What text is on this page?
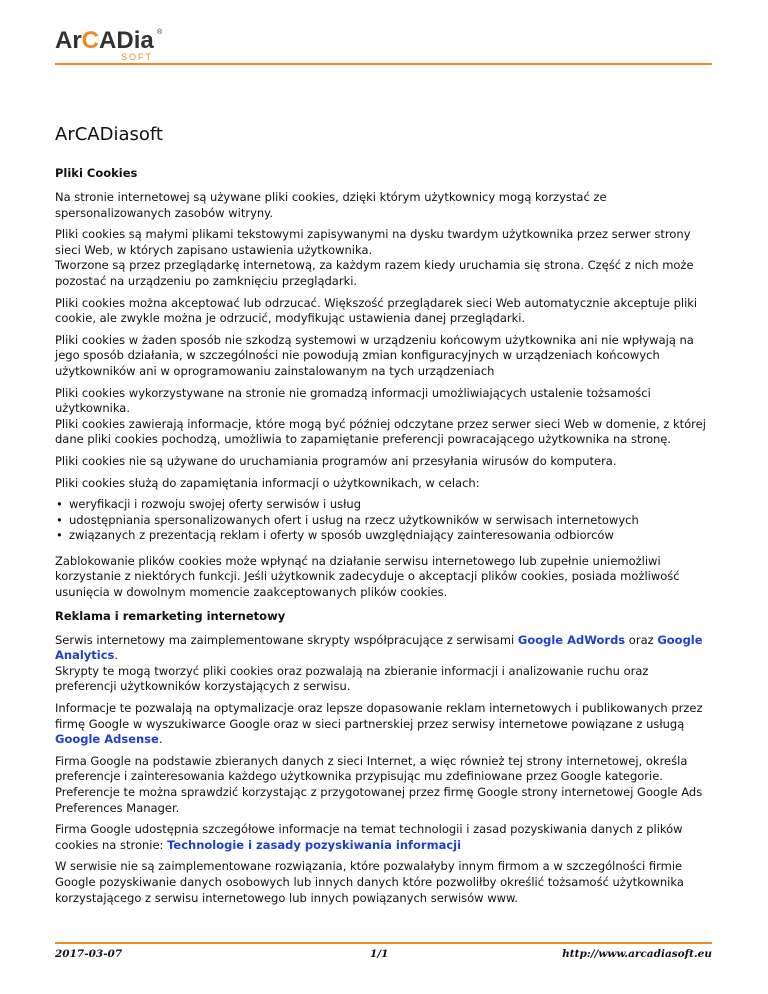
ArCADia ®
SOFT
ArCADiasoft
Pliki Cookies

Na stronie internetowej są używane pliki cookies, dzięki którym użytkownicy mogą korzystać ze spersonalizowanych zasobów witryny.

Pliki cookies są małymi plikami tekstowymi zapisywanymi na dysku twardym użytkownika przez serwer strony sieci Web, w których zapisano ustawienia użytkownika.
Tworzone są przez przeglądarkę internetową, za każdym razem kiedy uruchamia się strona. Część z nich może pozostać na urządzeniu po zamknięciu przeglądarki.

Pliki cookies można akceptować lub odrzucać. Większość przeglądarek sieci Web automatycznie akceptuje pliki cookie, ale zwykle można je odrzucić, modyfikując ustawienia danej przeglądarki.

Pliki cookies w żaden sposób nie szkodzą systemowi w urządzeniu końcowym użytkownika ani nie wpływają na jego sposób działania, w szczególności nie powodują zmian konfiguracyjnych w urządzeniach końcowych użytkowników ani w oprogramowaniu zainstalowanym na tych urządzeniach

Pliki cookies wykorzystywane na stronie nie gromadzą informacji umożliwiających ustalenie tożsamości użytkownika.
Pliki cookies zawierają informacje, które mogą być później odczytane przez serwer sieci Web w domenie, z której dane pliki cookies pochodzą, umożliwia to zapamiętanie preferencji powracającego użytkownika na stronę.

Pliki cookies nie są używane do uruchamiania programów ani przesyłania wirusów do komputera.

Pliki cookies służą do zapamiętania informacji o użytkownikach, w celach:

• weryfikacji i rozwoju swojej oferty serwisów i usług
• udostępniania spersonalizowanych ofert i usług na rzecz użytkowników w serwisach internetowych
• związanych z prezentacją reklam i oferty w sposób uwzględniający zainteresowania odbiorców

Zablokowanie plików cookies może wpłynąć na działanie serwisu internetowego lub zupełnie uniemożliwi korzystanie z niektórych funkcji. Jeśli użytkownik zadecyduje o akceptacji plików cookies, posiada możliwość usunięcia w dowolnym momencie zaakceptowanych plików cookies.

Reklama i remarketing internetowy

Serwis internetowy ma zaimplementowane skrypty współpracujące z serwisami Google AdWords oraz Google Analytics.
Skrypty te mogą tworzyć pliki cookies oraz pozwalają na zbieranie informacji i analizowanie ruchu oraz preferencji użytkowników korzystających z serwisu.

Informacje te pozwalają na optymalizacje oraz lepsze dopasowanie reklam internetowych i publikowanych przez firmę Google w wyszukiwarce Google oraz w sieci partnerskiej przez serwisy internetowe powiązane z usługą Google Adsense.

Firma Google na podstawie zbieranych danych z sieci Internet, a więc również tej strony internetowej, określa preferencje i zainteresowania każdego użytkownika przypisując mu zdefiniowane przez Google kategorie. Preferencje te można sprawdzić korzystając z przygotowanej przez firmę Google strony internetowej Google Ads Preferences Manager.

Firma Google udostępnia szczegółowe informacje na temat technologii i zasad pozyskiwania danych z plików cookies na stronie: Technologie i zasady pozyskiwania informacji

W serwisie nie są zaimplementowane rozwiązania, które pozwalałyby innym firmom a w szczególności firmie Google pozyskiwanie danych osobowych lub innych danych które pozwoliłby określić tożsamość użytkownika korzystającego z serwisu internetowego lub innych powiązanych serwisów www.

2017-03-07	1/1	http://www.arcadiasoft.eu
